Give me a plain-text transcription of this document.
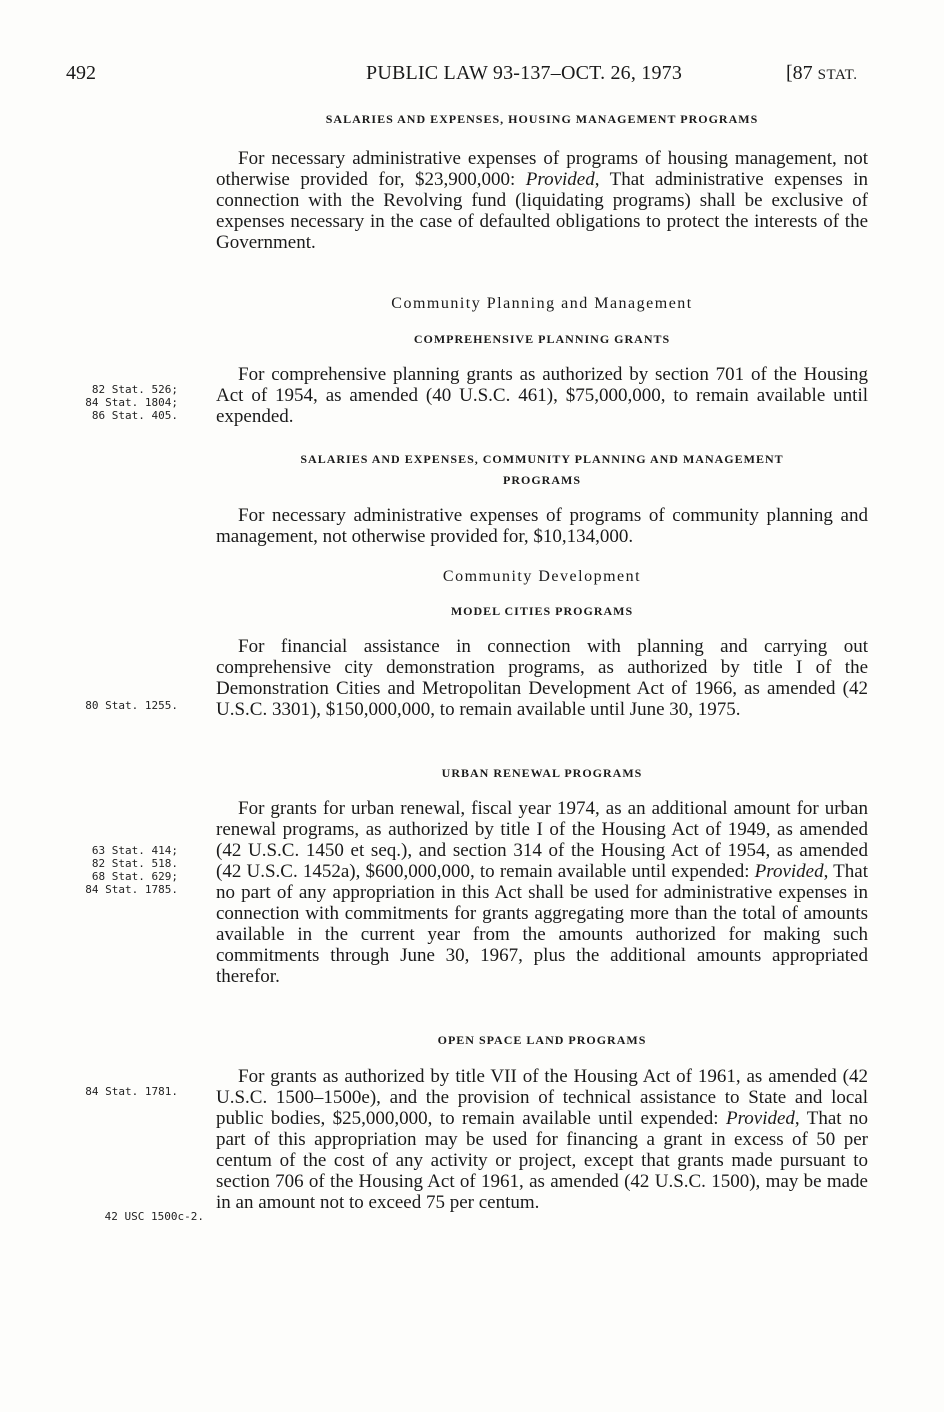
492	PUBLIC LAW 93-137–OCT. 26, 1973	[87 STAT.
SALARIES AND EXPENSES, HOUSING MANAGEMENT PROGRAMS

For necessary administrative expenses of programs of housing management, not otherwise provided for, $23,900,000: Provided, That administrative expenses in connection with the Revolving fund (liquidating programs) shall be exclusive of expenses necessary in the case of defaulted obligations to protect the interests of the Government.

Community Planning and Management
COMPREHENSIVE PLANNING GRANTS
82 Stat. 526;
84 Stat. 1804;
86 Stat. 405.

For comprehensive planning grants as authorized by section 701 of the Housing Act of 1954, as amended (40 U.S.C. 461), $75,000,000, to remain available until expended.

SALARIES AND EXPENSES, COMMUNITY PLANNING AND MANAGEMENT
PROGRAMS

For necessary administrative expenses of programs of community planning and management, not otherwise provided for, $10,134,000.

Community Development
MODEL CITIES PROGRAMS
80 Stat. 1255.

For financial assistance in connection with planning and carrying out comprehensive city demonstration programs, as authorized by title I of the Demonstration Cities and Metropolitan Development Act of 1966, as amended (42 U.S.C. 3301), $150,000,000, to remain available until June 30, 1975.

URBAN RENEWAL PROGRAMS
63 Stat. 414;
82 Stat. 518.
68 Stat. 629;
84 Stat. 1785.

For grants for urban renewal, fiscal year 1974, as an additional amount for urban renewal programs, as authorized by title I of the Housing Act of 1949, as amended (42 U.S.C. 1450 et seq.), and section 314 of the Housing Act of 1954, as amended (42 U.S.C. 1452a), $600,000,000, to remain available until expended: Provided, That no part of any appropriation in this Act shall be used for administrative expenses in connection with commitments for grants aggregating more than the total of amounts available in the current year from the amounts authorized for making such commitments through June 30, 1967, plus the additional amounts appropriated therefor.

OPEN SPACE LAND PROGRAMS
84 Stat. 1781.
42 USC 1500c-2.

For grants as authorized by title VII of the Housing Act of 1961, as amended (42 U.S.C. 1500–1500e), and the provision of technical assistance to State and local public bodies, $25,000,000, to remain available until expended: Provided, That no part of this appropriation may be used for financing a grant in excess of 50 per centum of the cost of any activity or project, except that grants made pursuant to section 706 of the Housing Act of 1961, as amended (42 U.S.C. 1500), may be made in an amount not to exceed 75 per centum.
